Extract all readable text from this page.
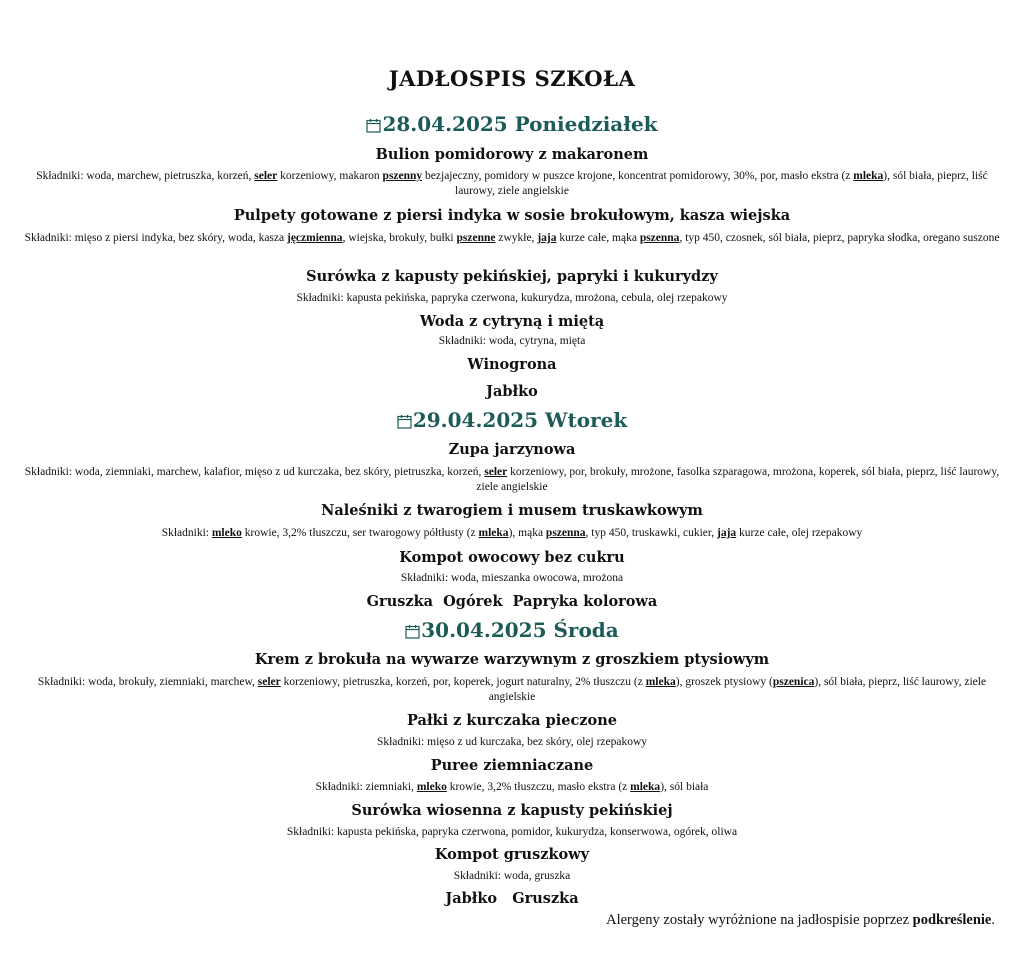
JADŁOSPIS SZKOŁA
28.04.2025 Poniedziałek
Bulion pomidorowy z makaronem
Składniki: woda, marchew, pietruszka, korzeń, seler korzeniowy, makaron pszenny bezjajeczny, pomidory w puszce krojone, koncentrat pomidorowy, 30%, por, masło ekstra (z mleka), sól biała, pieprz, liść laurowy, ziele angielskie
Pulpety gotowane z piersi indyka w sosie brokułowym, kasza wiejska
Składniki: mięso z piersi indyka, bez skóry, woda, kasza jęczmienna, wiejska, brokuły, bułki pszenne zwykłe, jaja kurze całe, mąka pszenna, typ 450, czosnek, sól biała, pieprz, papryka słodka, oregano suszone
Surówka z kapusty pekińskiej, papryki i kukurydzy
Składniki: kapusta pekińska, papryka czerwona, kukurydza, mrożona, cebula, olej rzepakowy
Woda z cytryną i miętą
Składniki: woda, cytryna, mięta
Winogrona
Jabłko
29.04.2025 Wtorek
Zupa jarzynowa
Składniki: woda, ziemniaki, marchew, kalafior, mięso z ud kurczaka, bez skóry, pietruszka, korzeń, seler korzeniowy, por, brokuły, mrożone, fasolka szparagowa, mrożona, koperek, sól biała, pieprz, liść laurowy, ziele angielskie
Naleśniki z twarogiem i musem truskawkowym
Składniki: mleko krowie, 3,2% tłuszczu, ser twarogowy półtłusty (z mleka), mąka pszenna, typ 450, truskawki, cukier, jaja kurze całe, olej rzepakowy
Kompot owocowy bez cukru
Składniki: woda, mieszanka owocowa, mrożona
Gruszka  Ogórek  Papryka kolorowa
30.04.2025 Środa
Krem z brokuła na wywarze warzywnym z groszkiem ptysiowym
Składniki: woda, brokuły, ziemniaki, marchew, seler korzeniowy, pietruszka, korzeń, por, koperek, jogurt naturalny, 2% tłuszczu (z mleka), groszek ptysiowy (pszenica), sól biała, pieprz, liść laurowy, ziele angielskie
Pałki z kurczaka pieczone
Składniki: mięso z ud kurczaka, bez skóry, olej rzepakowy
Puree ziemniaczane
Składniki: ziemniaki, mleko krowie, 3,2% tłuszczu, masło ekstra (z mleka), sól biała
Surówka wiosenna z kapusty pekińskiej
Składniki: kapusta pekińska, papryka czerwona, pomidor, kukurydza, konserwowa, ogórek, oliwa
Kompot gruszkowy
Składniki: woda, gruszka
Jabłko   Gruszka
Alergeny zostały wyróżnione na jadłospisie poprzez podkreślenie.
